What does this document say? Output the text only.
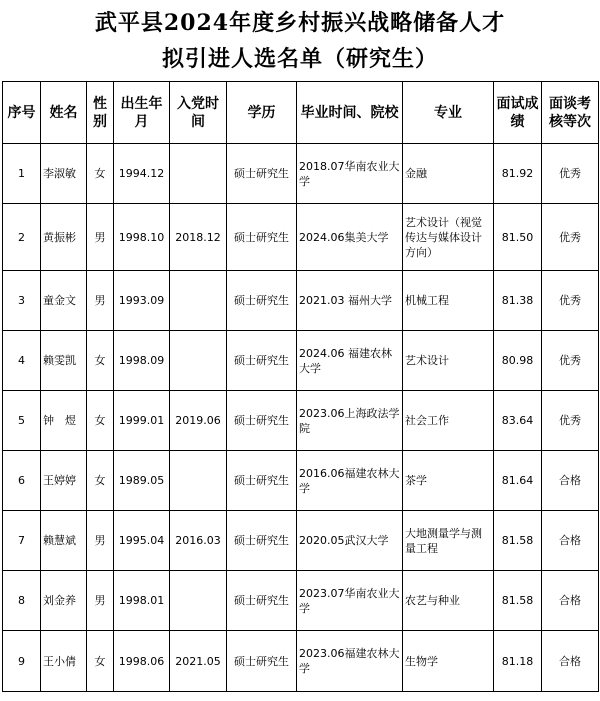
武平县2024年度乡村振兴战略储备人才
拟引进人选名单（研究生）
序号	姓名	性别	出生年月	入党时间	学历	毕业时间、院校	专业	面试成绩	面谈考核等次
1	李淑敏	女	1994.12		硕士研究生	2018.07华南农业大学	金融	81.92	优秀
2	黄振彬	男	1998.10	2018.12	硕士研究生	2024.06集美大学	艺术设计（视觉传达与媒体设计方向）	81.50	优秀
3	童金文	男	1993.09		硕士研究生	2021.03 福州大学	机械工程	81.38	优秀
4	赖雯凯	女	1998.09		硕士研究生	2024.06 福建农林大学	艺术设计	80.98	优秀
5	钟　煜	女	1999.01	2019.06	硕士研究生	2023.06上海政法学院	社会工作	83.64	优秀
6	王婷婷	女	1989.05		硕士研究生	2016.06福建农林大学	茶学	81.64	合格
7	赖慧斌	男	1995.04	2016.03	硕士研究生	2020.05武汉大学	大地测量学与测量工程	81.58	合格
8	刘金养	男	1998.01		硕士研究生	2023.07华南农业大学	农艺与种业	81.58	合格
9	王小倩	女	1998.06	2021.05	硕士研究生	2023.06福建农林大学	生物学	81.18	合格
